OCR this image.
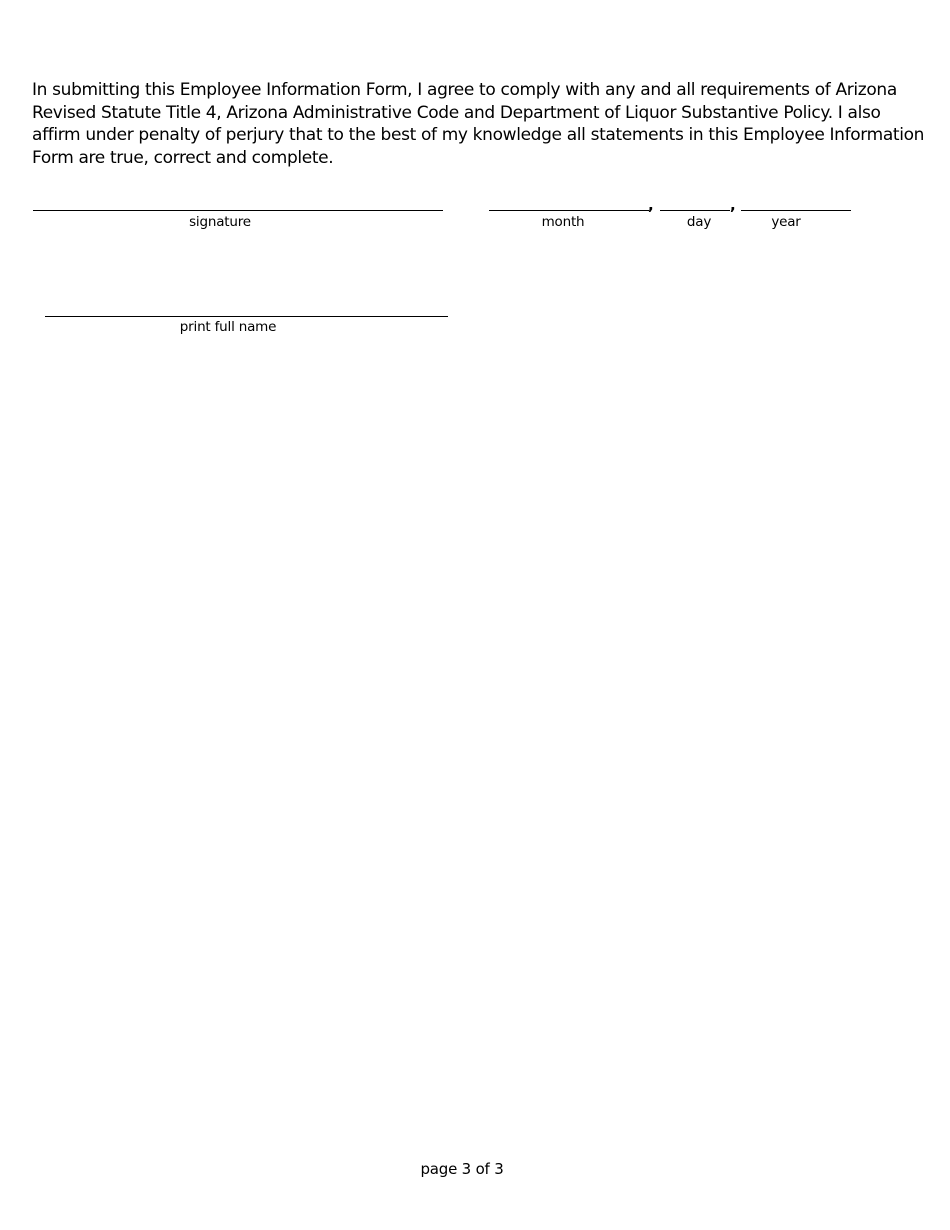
In submitting this Employee Information Form, I agree to comply with any and all requirements of Arizona
Revised Statute Title 4, Arizona Administrative Code and Department of Liquor Substantive Policy. I also
affirm under penalty of perjury that to the best of my knowledge all statements in this Employee Information
Form are true, correct and complete.
signature
,
month
,
day	year
print full name
page 3 of 3
